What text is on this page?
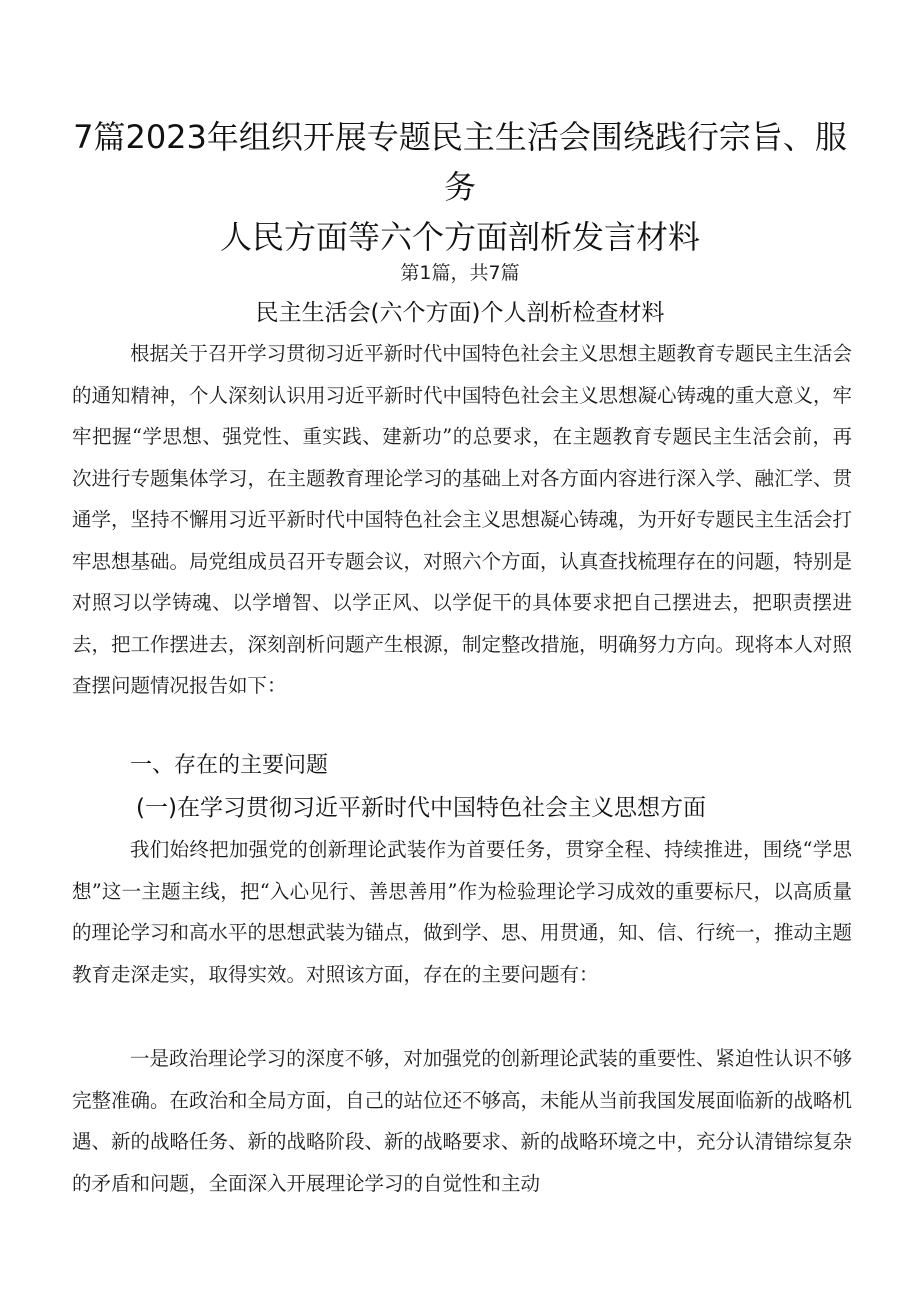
7篇2023年组织开展专题民主生活会围绕践行宗旨、服务
人民方面等六个方面剖析发言材料
第1篇，共7篇
民主生活会(六个方面)个人剖析检查材料

根据关于召开学习贯彻习近平新时代中国特色社会主义思想主题教育专题民主生活会的通知精神，个人深刻认识用习近平新时代中国特色社会主义思想凝心铸魂的重大意义，牢牢把握“学思想、强党性、重实践、建新功”的总要求，在主题教育专题民主生活会前，再次进行专题集体学习，在主题教育理论学习的基础上对各方面内容进行深入学、融汇学、贯通学，坚持不懈用习近平新时代中国特色社会主义思想凝心铸魂，为开好专题民主生活会打牢思想基础。局党组成员召开专题会议，对照六个方面，认真查找梳理存在的问题，特别是对照习以学铸魂、以学增智、以学正风、以学促干的具体要求把自己摆进去，把职责摆进去，把工作摆进去，深刻剖析问题产生根源，制定整改措施，明确努力方向。现将本人对照查摆问题情况报告如下：

一、存在的主要问题
(一)在学习贯彻习近平新时代中国特色社会主义思想方面

我们始终把加强党的创新理论武装作为首要任务，贯穿全程、持续推进，围绕“学思想”这一主题主线，把“入心见行、善思善用”作为检验理论学习成效的重要标尺，以高质量的理论学习和高水平的思想武装为锚点，做到学、思、用贯通，知、信、行统一，推动主题教育走深走实，取得实效。对照该方面，存在的主要问题有：

一是政治理论学习的深度不够，对加强党的创新理论武装的重要性、紧迫性认识不够完整准确。在政治和全局方面，自己的站位还不够高，未能从当前我国发展面临新的战略机遇、新的战略任务、新的战略阶段、新的战略要求、新的战略环境之中，充分认清错综复杂的矛盾和问题，全面深入开展理论学习的自觉性和主动
